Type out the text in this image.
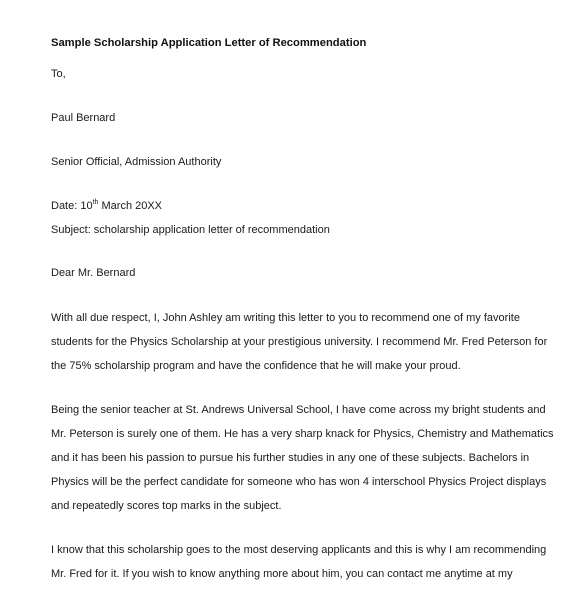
Sample Scholarship Application Letter of Recommendation
To,
Paul Bernard
Senior Official, Admission Authority
Date: 10th March 20XX
Subject: scholarship application letter of recommendation
Dear Mr. Bernard
With all due respect, I, John Ashley am writing this letter to you to recommend one of my favorite
students for the Physics Scholarship at your prestigious university. I recommend Mr. Fred Peterson for
the 75% scholarship program and have the confidence that he will make your proud.
Being the senior teacher at St. Andrews Universal School, I have come across my bright students and
Mr. Peterson is surely one of them. He has a very sharp knack for Physics, Chemistry and Mathematics
and it has been his passion to pursue his further studies in any one of these subjects. Bachelors in
Physics will be the perfect candidate for someone who has won 4 interschool Physics Project displays
and repeatedly scores top marks in the subject.
I know that this scholarship goes to the most deserving applicants and this is why I am recommending
Mr. Fred for it. If you wish to know anything more about him, you can contact me anytime at my
